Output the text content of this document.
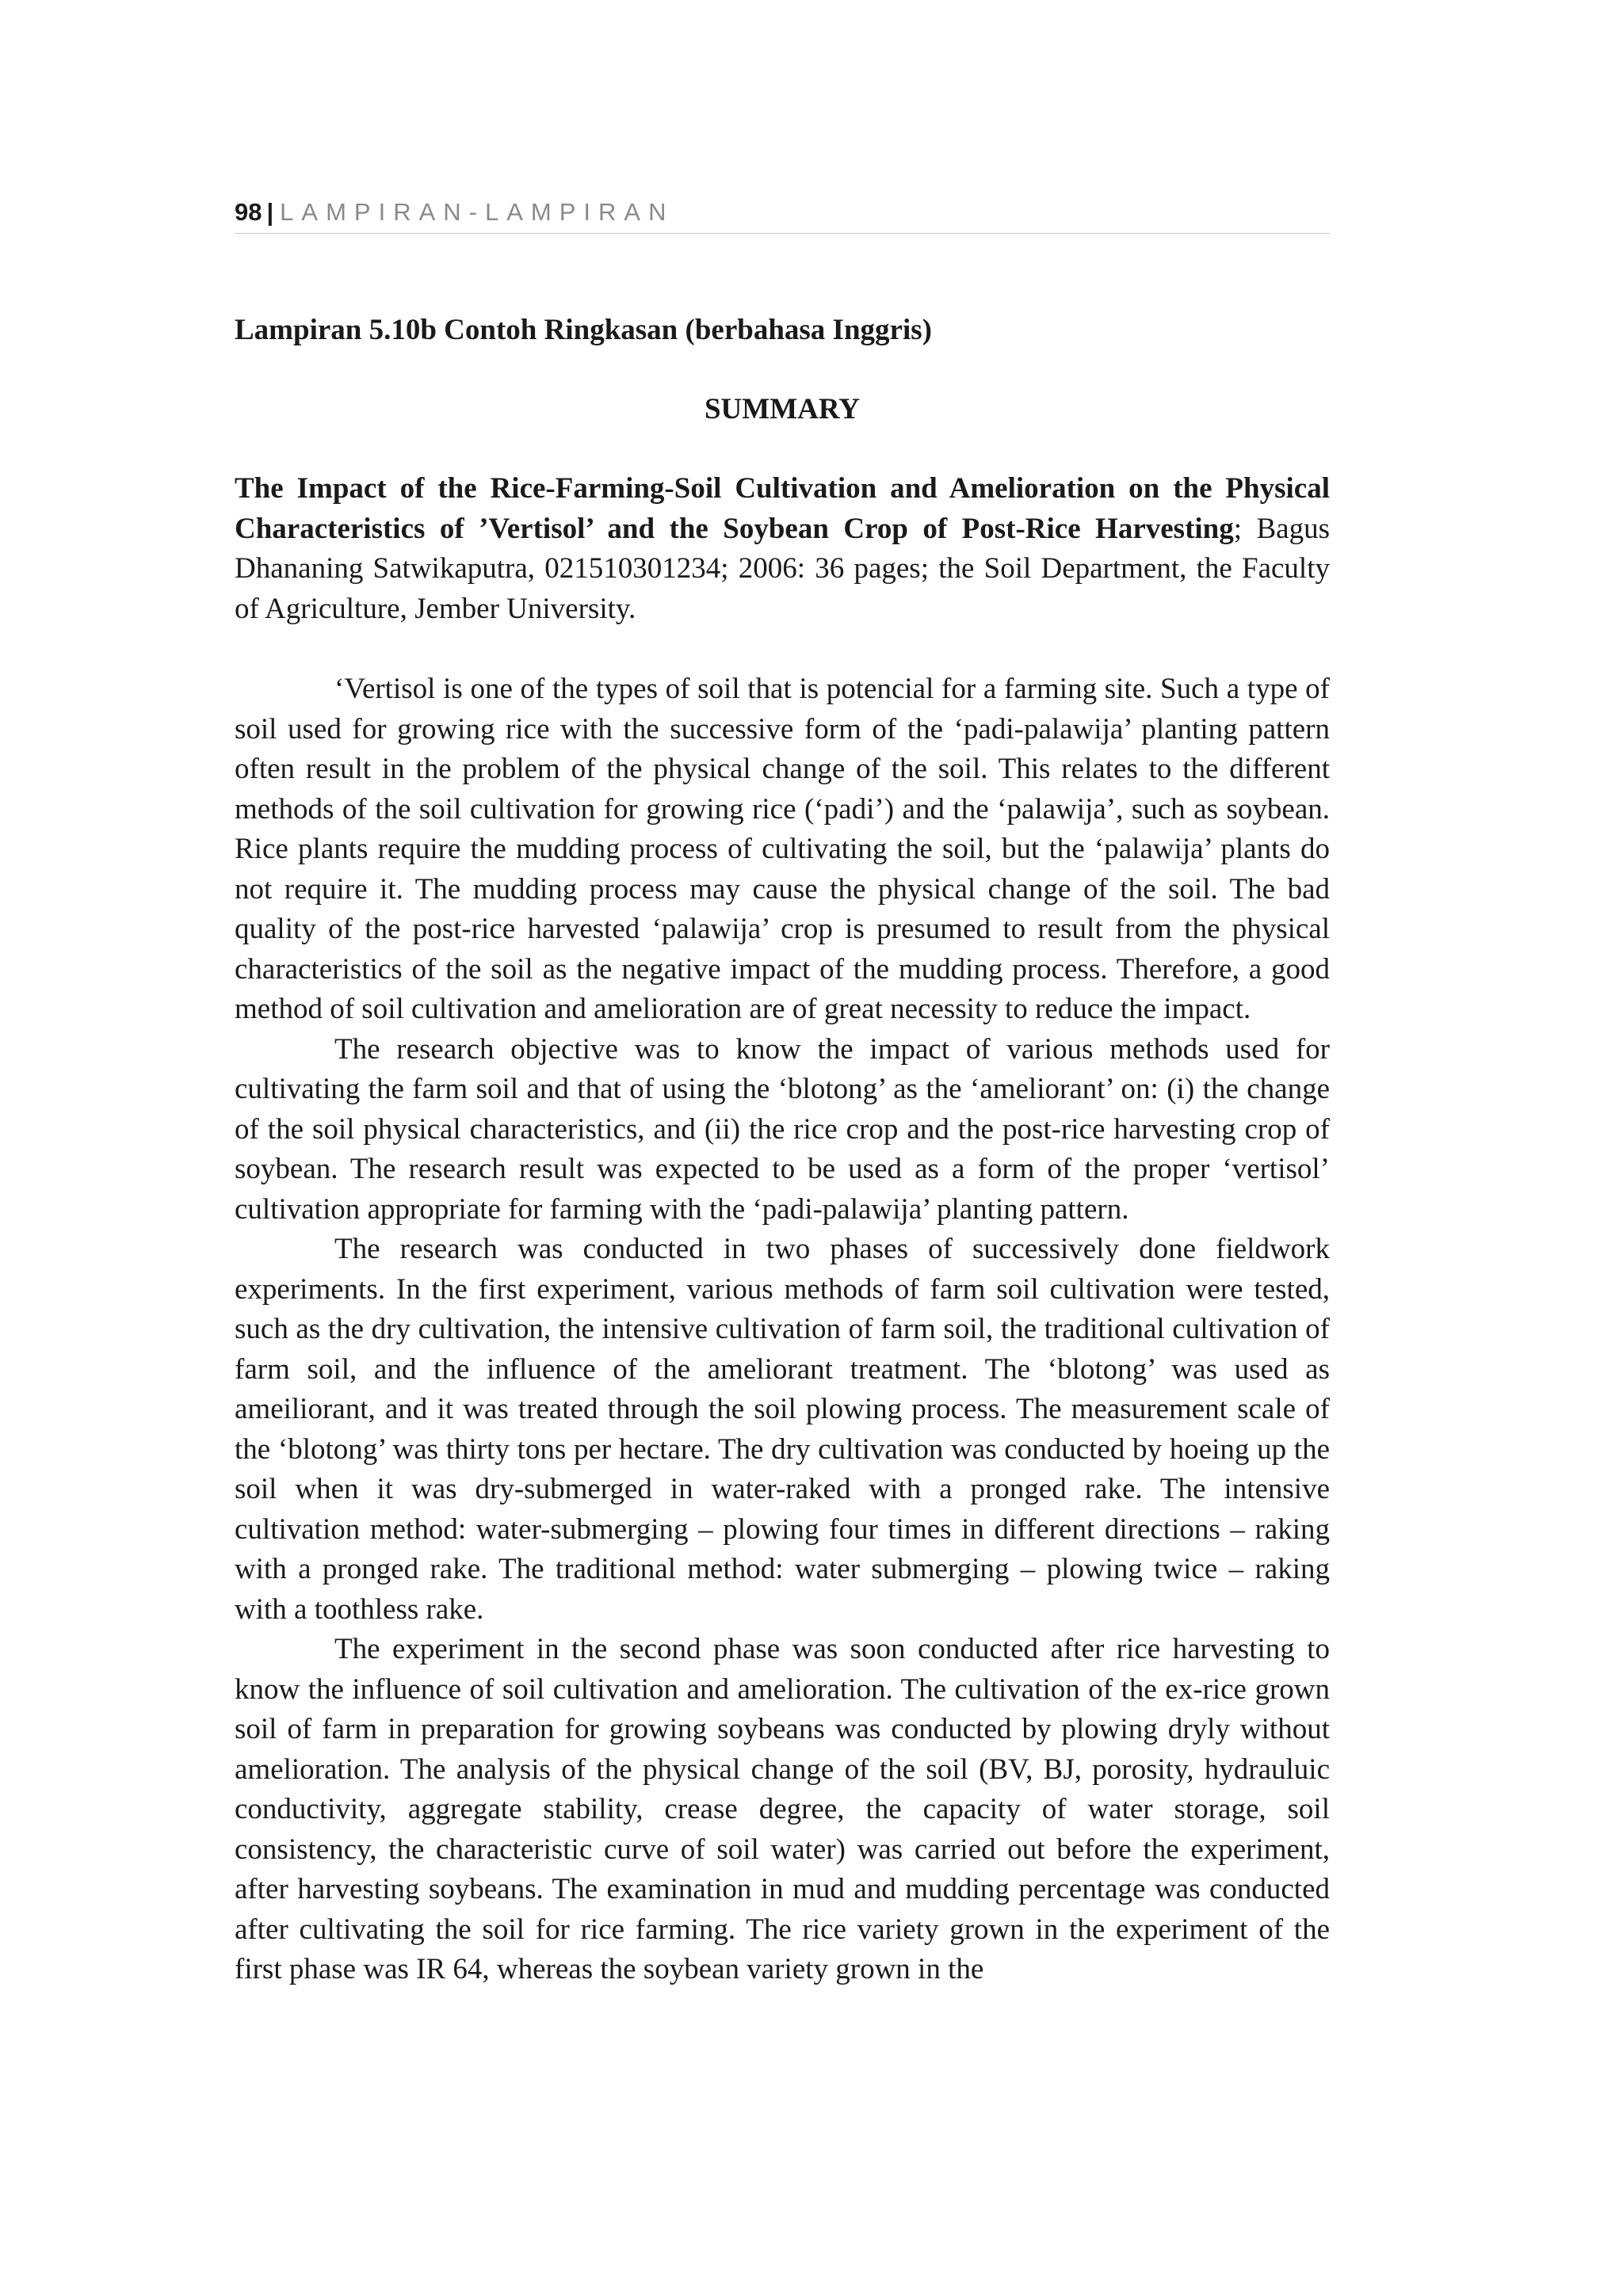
98 | LAMPIRAN-LAMPIRAN
Lampiran 5.10b Contoh Ringkasan (berbahasa Inggris)
SUMMARY

The Impact of the Rice-Farming-Soil Cultivation and Amelioration on the Physical Characteristics of ’Vertisol’ and the Soybean Crop of Post-Rice Harvesting; Bagus Dhananing Satwikaputra, 021510301234; 2006: 36 pages; the Soil Department, the Faculty of Agriculture, Jember University.

‘Vertisol is one of the types of soil that is potencial for a farming site. Such a type of soil used for growing rice with the successive form of the ‘padi-palawija’ planting pattern often result in the problem of the physical change of the soil. This relates to the different methods of the soil cultivation for growing rice (‘padi’) and the ‘palawija’, such as soybean. Rice plants require the mudding process of cultivating the soil, but the ‘palawija’ plants do not require it. The mudding process may cause the physical change of the soil. The bad quality of the post-rice harvested ‘palawija’ crop is presumed to result from the physical characteristics of the soil as the negative impact of the mudding process. Therefore, a good method of soil cultivation and amelioration are of great necessity to reduce the impact.

The research objective was to know the impact of various methods used for cultivating the farm soil and that of using the ‘blotong’ as the ‘ameliorant’ on: (i) the change of the soil physical characteristics, and (ii) the rice crop and the post-rice harvesting crop of soybean. The research result was expected to be used as a form of the proper ‘vertisol’ cultivation appropriate for farming with the ‘padi-palawija’ planting pattern.

The research was conducted in two phases of successively done fieldwork experiments. In the first experiment, various methods of farm soil cultivation were tested, such as the dry cultivation, the intensive cultivation of farm soil, the traditional cultivation of farm soil, and the influence of the ameliorant treatment. The ‘blotong’ was used as ameiliorant, and it was treated through the soil plowing process. The measurement scale of the ‘blotong’ was thirty tons per hectare. The dry cultivation was conducted by hoeing up the soil when it was dry-submerged in water-raked with a pronged rake. The intensive cultivation method: water-submerging – plowing four times in different directions – raking with a pronged rake. The traditional method: water submerging – plowing twice – raking with a toothless rake.

The experiment in the second phase was soon conducted after rice harvesting to know the influence of soil cultivation and amelioration. The cultivation of the ex-rice grown soil of farm in preparation for growing soybeans was conducted by plowing dryly without amelioration. The analysis of the physical change of the soil (BV, BJ, porosity, hydrauluic conductivity, aggregate stability, crease degree, the capacity of water storage, soil consistency, the characteristic curve of soil water) was carried out before the experiment, after harvesting soybeans. The examination in mud and mudding percentage was conducted after cultivating the soil for rice farming. The rice variety grown in the experiment of the first phase was IR 64, whereas the soybean variety grown in the
